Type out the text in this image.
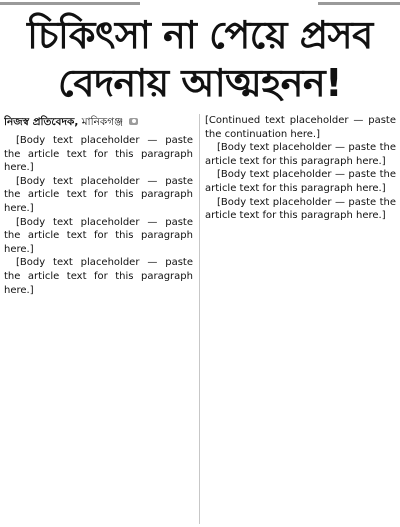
চিকিৎসা না পেয়ে প্রসব
বেদনায় আত্মহনন!
নিজস্ব প্রতিবেদক, মানিকগঞ্জ

[Body text placeholder — paste the article text for this paragraph here.]

[Body text placeholder — paste the article text for this paragraph here.]

[Body text placeholder — paste the article text for this paragraph here.]

[Body text placeholder — paste the article text for this paragraph here.]

[Continued text placeholder — paste the continuation here.]

[Body text placeholder — paste the article text for this paragraph here.]

[Body text placeholder — paste the article text for this paragraph here.]

[Body text placeholder — paste the article text for this paragraph here.]
